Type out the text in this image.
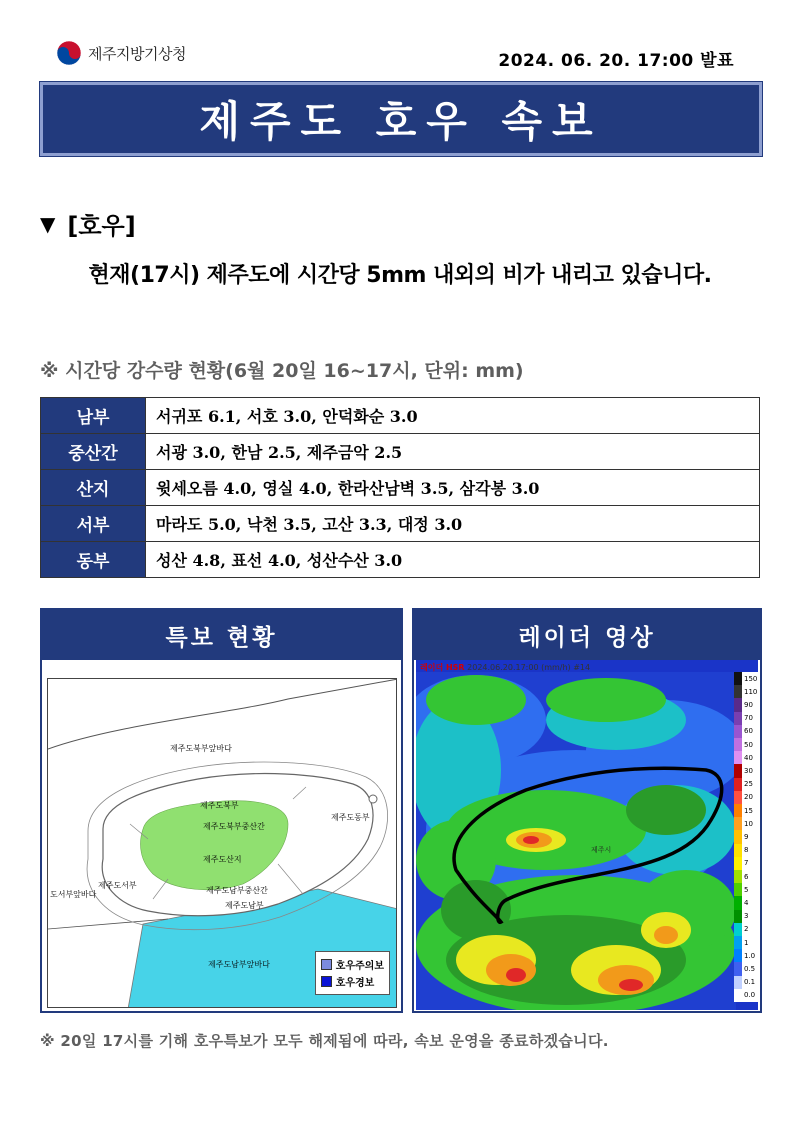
제주지방기상청	2024. 06. 20. 17:00 발표
제주도 호우 속보
▼ [호우]
현재(17시) 제주도에 시간당 5mm 내외의 비가 내리고 있습니다.
※ 시간당 강수량 현황(6월 20일 16~17시, 단위: mm)
남부	서귀포 6.1, 서호 3.0, 안덕화순 3.0
중산간	서광 3.0, 한남 2.5, 제주금악 2.5
산지	윗세오름 4.0, 영실 4.0, 한라산남벽 3.5, 삼각봉 3.0
서부	마라도 5.0, 낙천 3.5, 고산 3.3, 대정 3.0
동부	성산 4.8, 표선 4.0, 성산수산 3.0
특보 현황
제주도북부앞바다
제주도북부
제주도북부중산간
제주도동부
제주도산지
제주도서부
도서부앞바다	제주도남부중산간
제주도남부
제주도남부앞바다	호우주의보
호우경보
레이더 영상
레이더 HSR 2024.06.20.17:00 (mm/h) #14
제주시
150
110
90
70
60
50
40
30
25
20
15
10
9
8
7
6
5
4
3
2
1
1.0
0.5
0.1
0.0
※ 20일 17시를 기해 호우특보가 모두 해제됨에 따라, 속보 운영을 종료하겠습니다.
